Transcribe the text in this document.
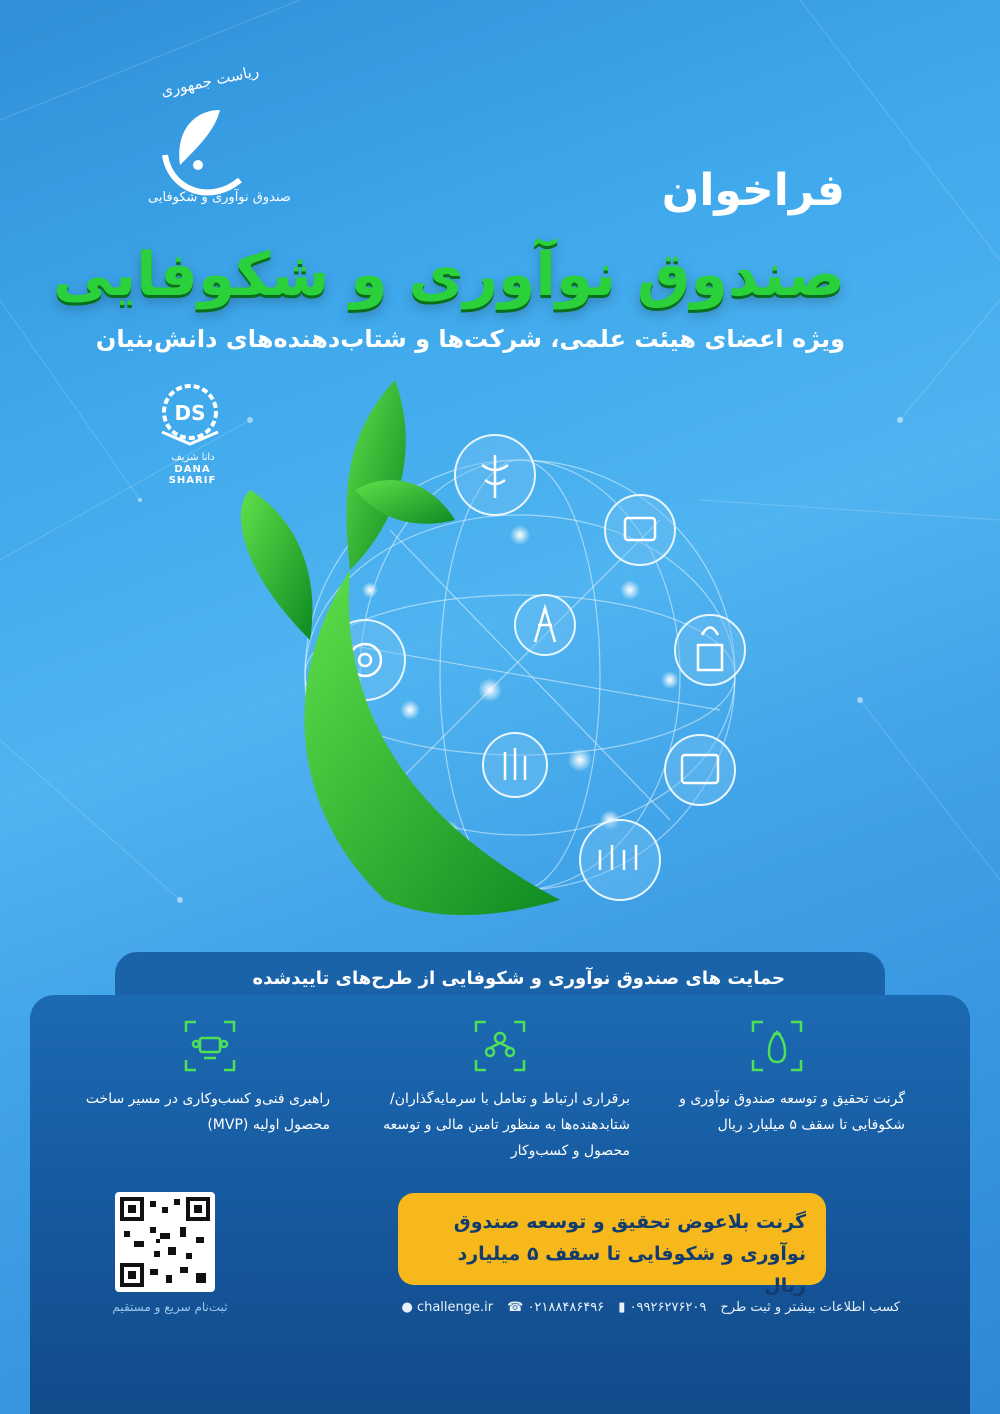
ریاست جمهوری
صندوق نوآوری و شکوفایی	فراخوان
صندوق نوآوری و شکوفایی
ویژه اعضای هیئت علمی، شرکت‌ها و شتاب‌دهنده‌های دانش‌بنیان
DS
دانا شریف
DANA SHARIF
حمایت های صندوق نوآوری و شکوفایی از طرح‌های تاییدشده
گرنت تحقیق و توسعه صندوق نوآوری و شکوفایی تا سقف ۵ میلیارد ریال
برقراری ارتباط و تعامل با سرمایه‌گذاران/ شتابدهنده‌ها به منظور تامین مالی و توسعه محصول و کسب‌وکار
راهبری فنی‌و کسب‌وکاری در مسیر ساخت محصول اولیه (MVP)
ثبت‌نام سریع و مستقیم
گرنت بلاعوض تحقیق و توسعه صندوق
نوآوری و شکوفایی تا سقف ۵ میلیارد ریال
● challenge.ir ☎ ۰۲۱۸۸۴۸۶۴۹۶ ▮ ۰۹۹۲۶۲۷۶۲۰۹ کسب اطلاعات بیشتر و ثبت طرح
